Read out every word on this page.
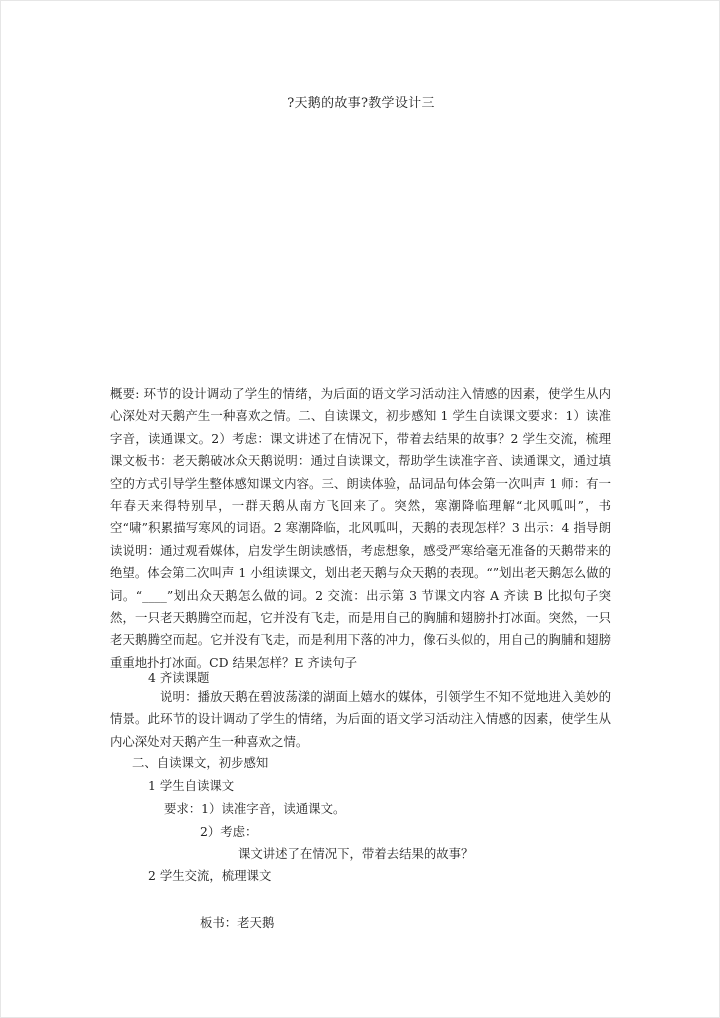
?天鹅的故事?教学设计三
概要: 环节的设计调动了学生的情绪，为后面的语文学习活动注入情感的因素，使学生从内心深处对天鹅产生一种喜欢之情。二、自读课文，初步感知 1 学生自读课文要求：1）读准字音，读通课文。2）考虑：课文讲述了在情况下，带着去结果的故事？2 学生交流，梳理课文板书：老天鹅破冰众天鹅说明：通过自读课文，帮助学生读准字音、读通课文，通过填空的方式引导学生整体感知课文内容。三、朗读体验，品词品句体会第一次叫声 1 师：有一年春天来得特别早，一群天鹅从南方飞回来了。突然，寒潮降临理解“北风呱叫”，书空“啸”积累描写寒风的词语。2 寒潮降临，北风呱叫，天鹅的表现怎样？3 出示：4 指导朗读说明：通过观看媒体，启发学生朗读感悟，考虑想象，感受严寒给毫无准备的天鹅带来的绝望。体会第二次叫声 1 小组读课文，划出老天鹅与众天鹅的表现。“”划出老天鹅怎么做的词。“____”划出众天鹅怎么做的词。2 交流：出示第 3 节课文内容 A 齐读 B 比拟句子突然，一只老天鹅腾空而起，它并没有飞走，而是用自己的胸脯和翅膀扑打冰面。突然，一只老天鹅腾空而起。它并没有飞走，而是利用下落的冲力，像石头似的，用自己的胸脯和翅膀重重地扑打冰面。CD 结果怎样？E 齐读句子
4 齐读课题
说明：播放天鹅在碧波荡漾的湖面上嬉水的媒体，引领学生不知不觉地进入美妙的情景。此环节的设计调动了学生的情绪，为后面的语文学习活动注入情感的因素，使学生从内心深处对天鹅产生一种喜欢之情。
二、自读课文，初步感知
1 学生自读课文
要求：1）读准字音，读通课文。
2）考虑：
课文讲述了在情况下，带着去结果的故事？
2 学生交流，梳理课文
板书：老天鹅
